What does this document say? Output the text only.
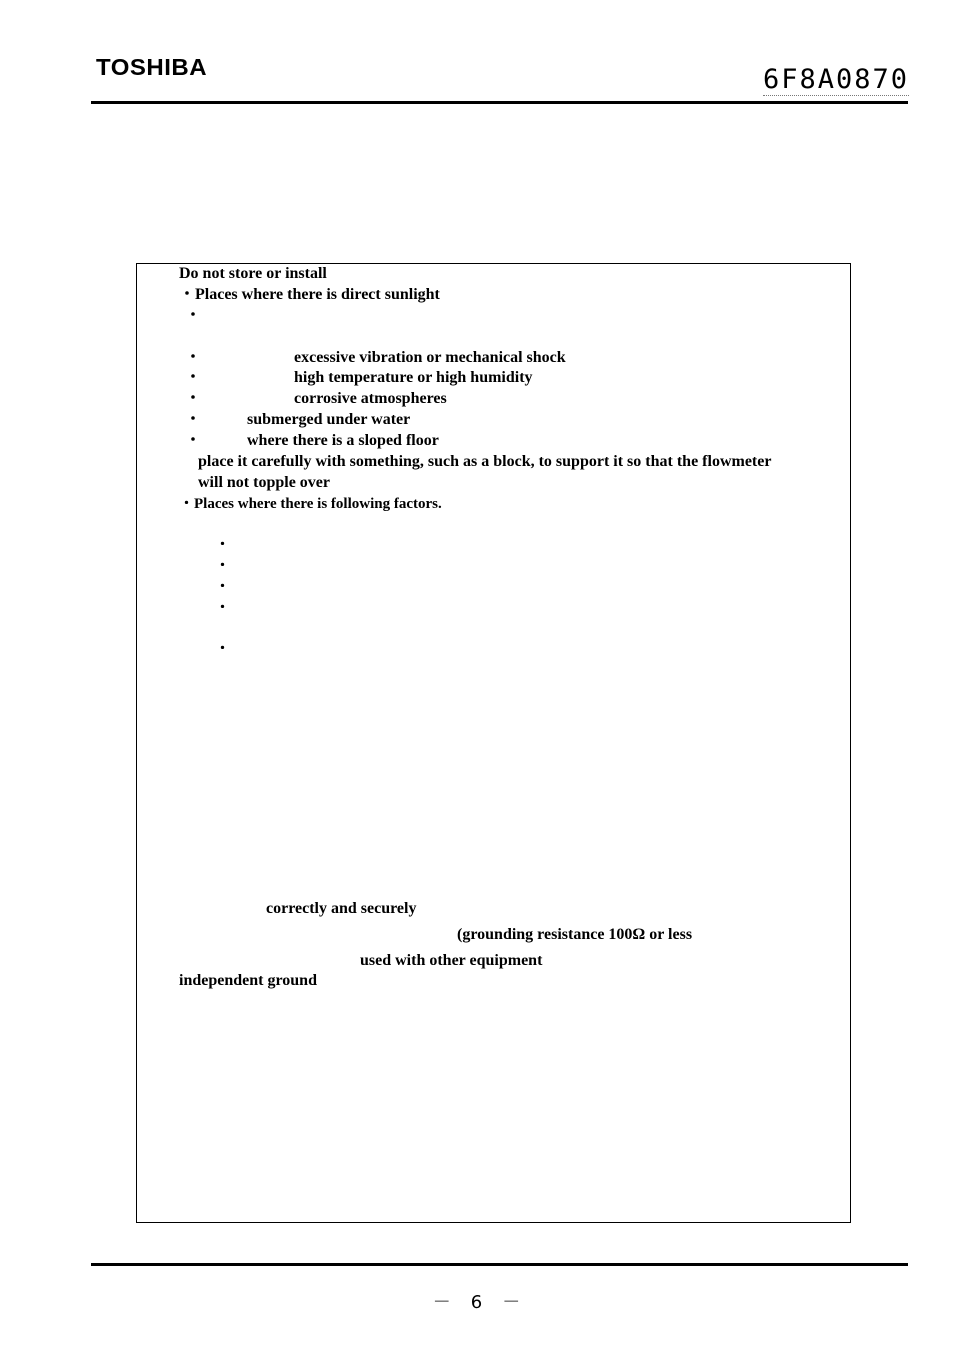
TOSHIBA	6F8A0870
Do not store or install
・Places where there is direct sunlight
・
・	excessive vibration or mechanical shock
・	high temperature or high humidity
・	corrosive atmospheres
・	submerged under water
・	where there is a sloped floor
place it carefully with something, such as a block, to support it so that the flowmeter
will not topple over
・Places where there is following factors.
・
・
・
・
・
correctly and securely
(grounding resistance 100Ω or less
used with other equipment
independent ground
－　6　－
